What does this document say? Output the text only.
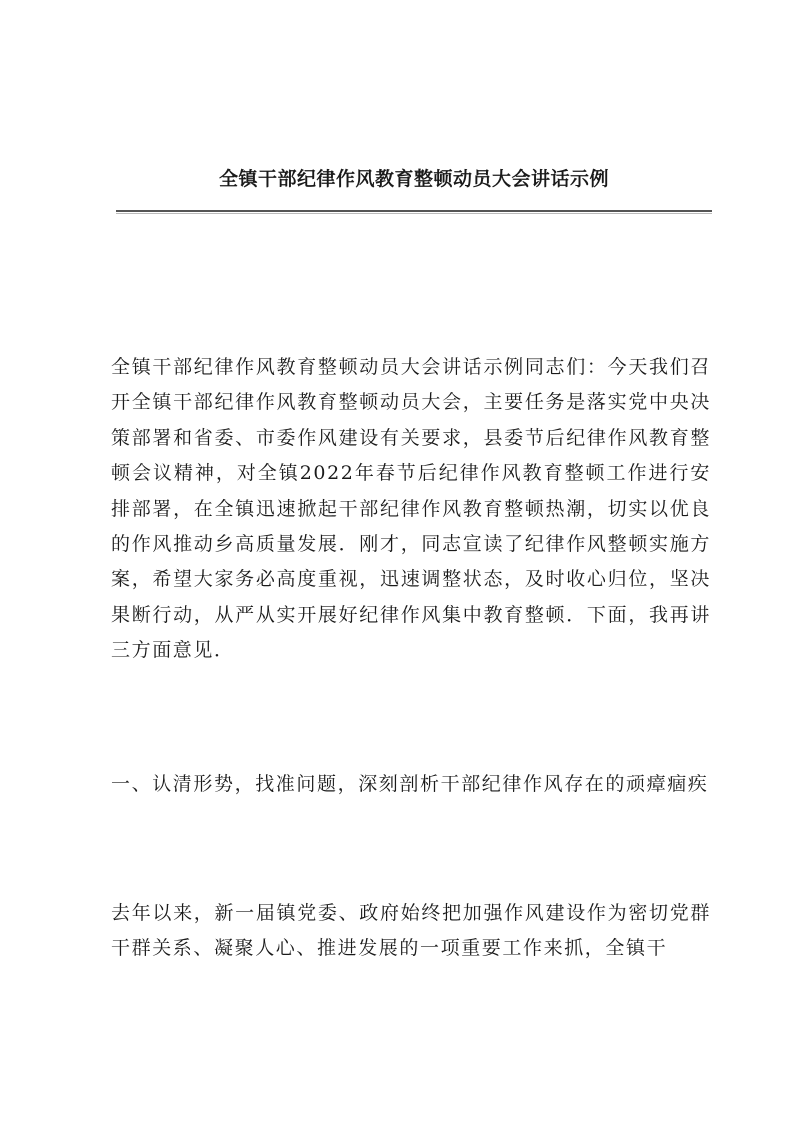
全镇干部纪律作风教育整顿动员大会讲话示例

全镇干部纪律作风教育整顿动员大会讲话示例同志们：今天我们召开全镇干部纪律作风教育整顿动员大会，主要任务是落实党中央决策部署和省委、市委作风建设有关要求，县委节后纪律作风教育整顿会议精神，对全镇2022年春节后纪律作风教育整顿工作进行安排部署，在全镇迅速掀起干部纪律作风教育整顿热潮，切实以优良的作风推动乡高质量发展．刚才，同志宣读了纪律作风整顿实施方案，希望大家务必高度重视，迅速调整状态，及时收心归位，坚决果断行动，从严从实开展好纪律作风集中教育整顿．下面，我再讲三方面意见．

一、认清形势，找准问题，深刻剖析干部纪律作风存在的顽瘴痼疾

去年以来，新一届镇党委、政府始终把加强作风建设作为密切党群干群关系、凝聚人心、推进发展的一项重要工作来抓，全镇干
